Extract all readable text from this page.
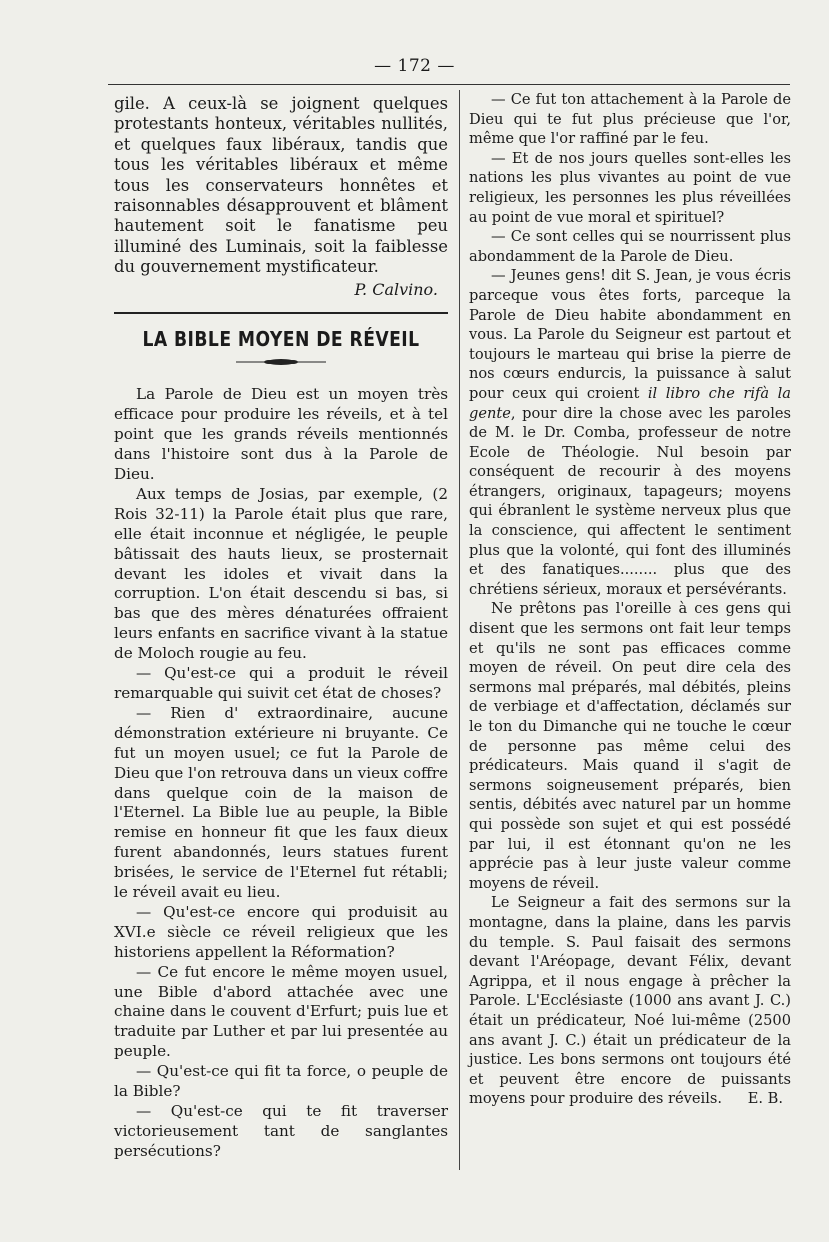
— 172 —

gile. A ceux-là se joignent quelques protestants honteux, véritables nullités, et quelques faux libéraux, tandis que tous les véritables libéraux et même tous les conservateurs honnêtes et raisonnables désapprouvent et blâment hautement soit le fanatisme peu illuminé des Luminais, soit la faiblesse du gouvernement mystificateur.

P. Calvino.
LA BIBLE MOYEN DE RÉVEIL

La Parole de Dieu est un moyen très efficace pour produire les réveils, et à tel point que les grands réveils mentionnés dans l'histoire sont dus à la Parole de Dieu.

Aux temps de Josias, par exemple, (2 Rois 32-11) la Parole était plus que rare, elle était inconnue et négligée, le peuple bâtissait des hauts lieux, se prosternait devant les idoles et vivait dans la corruption. L'on était descendu si bas, si bas que des mères dénaturées offraient leurs enfants en sacrifice vivant à la statue de Moloch rougie au feu.

— Qu'est-ce qui a produit le réveil remarquable qui suivit cet état de choses?

— Rien d' extraordinaire, aucune démonstration extérieure ni bruyante. Ce fut un moyen usuel; ce fut la Parole de Dieu que l'on retrouva dans un vieux coffre dans quelque coin de la maison de l'Eternel. La Bible lue au peuple, la Bible remise en honneur fit que les faux dieux furent abandonnés, leurs statues furent brisées, le service de l'Eternel fut rétabli; le réveil avait eu lieu.

— Qu'est-ce encore qui produisit au XVI.e siècle ce réveil religieux que les historiens appellent la Réformation?

— Ce fut encore le même moyen usuel, une Bible d'abord attachée avec une chaine dans le couvent d'Erfurt; puis lue et traduite par Luther et par lui presentée au peuple.

— Qu'est-ce qui fit ta force, o peuple de la Bible?

— Qu'est-ce qui te fit traverser victorieusement tant de sanglantes persécutions?

— Ce fut ton attachement à la Parole de Dieu qui te fut plus précieuse que l'or, même que l'or raffiné par le feu.

— Et de nos jours quelles sont-elles les nations les plus vivantes au point de vue religieux, les personnes les plus réveillées au point de vue moral et spirituel?

— Ce sont celles qui se nourrissent plus abondamment de la Parole de Dieu.

— Jeunes gens! dit S. Jean, je vous écris parceque vous êtes forts, parceque la Parole de Dieu habite abondamment en vous. La Parole du Seigneur est partout et toujours le marteau qui brise la pierre de nos cœurs endurcis, la puissance à salut pour ceux qui croient il libro che rifà la gente, pour dire la chose avec les paroles de M. le Dr. Comba, professeur de notre Ecole de Théologie. Nul besoin par conséquent de recourir à des moyens étrangers, originaux, tapageurs; moyens qui ébranlent le système nerveux plus que la conscience, qui affectent le sentiment plus que la volonté, qui font des illuminés et des fanatiques........ plus que des chrétiens sérieux, moraux et persévérants.

Ne prêtons pas l'oreille à ces gens qui disent que les sermons ont fait leur temps et qu'ils ne sont pas efficaces comme moyen de réveil. On peut dire cela des sermons mal préparés, mal débités, pleins de verbiage et d'affectation, déclamés sur le ton du Dimanche qui ne touche le cœur de personne pas même celui des prédicateurs. Mais quand il s'agit de sermons soigneusement préparés, bien sentis, débités avec naturel par un homme qui possède son sujet et qui est possédé par lui, il est étonnant qu'on ne les apprécie pas à leur juste valeur comme moyens de réveil.

Le Seigneur a fait des sermons sur la montagne, dans la plaine, dans les parvis du temple. S. Paul faisait des sermons devant l'Aréopage, devant Félix, devant Agrippa, et il nous engage à prêcher la Parole. L'Ecclésiaste (1000 ans avant J. C.) était un prédicateur, Noé lui-même (2500 ans avant J. C.) était un prédicateur de la justice. Les bons sermons ont toujours été et peuvent être encore de puissants moyens pour produire des réveils.	E. B.
